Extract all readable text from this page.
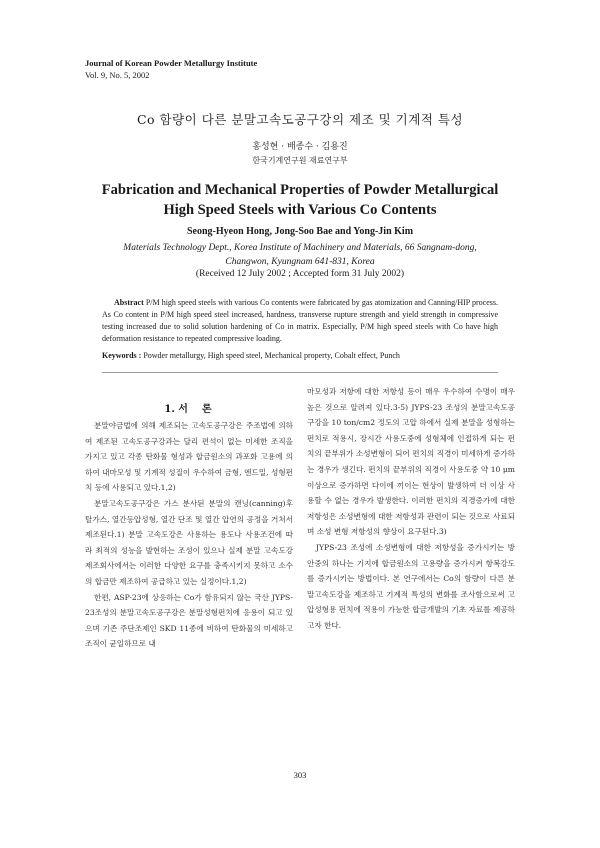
Journal of Korean Powder Metallurgy Institute
Vol. 9, No. 5, 2002
Co 함량이 다른 분말고속도공구강의 제조 및 기계적 특성
홍성현 · 배종수 · 김용진
한국기계연구원 재료연구부
Fabrication and Mechanical Properties of Powder Metallurgical
High Speed Steels with Various Co Contents
Seong-Hyeon Hong, Jong-Soo Bae and Yong-Jin Kim
Materials Technology Dept., Korea Institute of Machinery and Materials, 66 Sangnam-dong,
Changwon, Kyungnam 641-831, Korea
(Received 12 July 2002 ; Accepted form 31 July 2002)
Abstract P/M high speed steels with various Co contents were fabricated by gas atomization and Canning/HIP process. As Co content in P/M high speed steel increased, hardness, transverse rupture strength and yield strength in compressive testing increased due to solid solution hardening of Co in matrix. Especially, P/M high speed steels with Co have high deformation resistance to repeated compressive loading.
Keywords : Powder metallurgy, High speed steel, Mechanical property, Cobalt effect, Punch
1. 서 론

분말야금법에 의해 제조되는 고속도공구강은 주조법에 의하여 제조된 고속도공구강과는 달리 편석이 없는 미세한 조직을 가지고 있고 각종 탄화물 형성과 합금원소의 과포화 고용에 의하여 내마모성 및 기계적 성질이 우수하여 금형, 엔드밀, 성형펀치 등에 사용되고 있다.1,2)

분말고속도공구강은 가스 분사된 분말의 캔닝(canning)후 탈가스, 열간등압성형, 열간 단조 및 열간 압연의 공정을 거쳐서 제조된다.1) 분말 고속도강은 사용하는 용도나 사용조건에 따라 최적의 성능을 발현하는 조성이 있으나 실제 분말 고속도강 제조회사에서는 이러한 다양한 요구를 충족시키지 못하고 소수의 합금만 제조하여 공급하고 있는 실정이다.1,2)

한편, ASP-23에 상응하는 Co가 함유되지 않는 국산 JYPS-23조성의 분말고속도공구강은 분말성형펀치에 응용이 되고 있으며 기존 주단조제인 SKD 11종에 비하여 탄화물의 미세하고 조직이 균일하므로 내

마모성과 저항에 대한 저항성 등이 매우 우수하여 수명이 매우 높은 것으로 알려져 있다.3-5) JYPS-23 조성의 분말고속도공구강을 10 ton/cm2 정도의 고압 하에서 실제 분말을 성형하는 펀치로 적용시, 장시간 사용도중에 성형체에 인접하게 되는 펀치의 끝부위가 소성변형이 되어 편치의 직경이 미세하게 증가하는 경우가 생긴다. 펀치의 끝부위의 직경이 사용도중 약 10 μm 이상으로 증가하면 다이에 끼이는 현상이 발생하여 더 이상 사용할 수 없는 경우가 발생한다. 이러한 펀치의 직경증가에 대한 저항성은 소성변형에 대한 저항성과 관련이 되는 것으로 사료되며 소성 변형 저항성의 향상이 요구된다.3)

JYPS-23 조성에 소성변형에 대한 저항성을 증가시키는 방안중의 하나는 기지에 합금원소의 고용량을 증가시켜 항복강도를 증가시키는 방법이다. 본 연구에서는 Co의 함량이 다른 분말고속도강을 제조하고 기계적 특성의 변화를 조사함으로써 고압성형용 펀치에 적용이 가능한 합금개발의 기초 자료를 제공하고자 한다.

303
